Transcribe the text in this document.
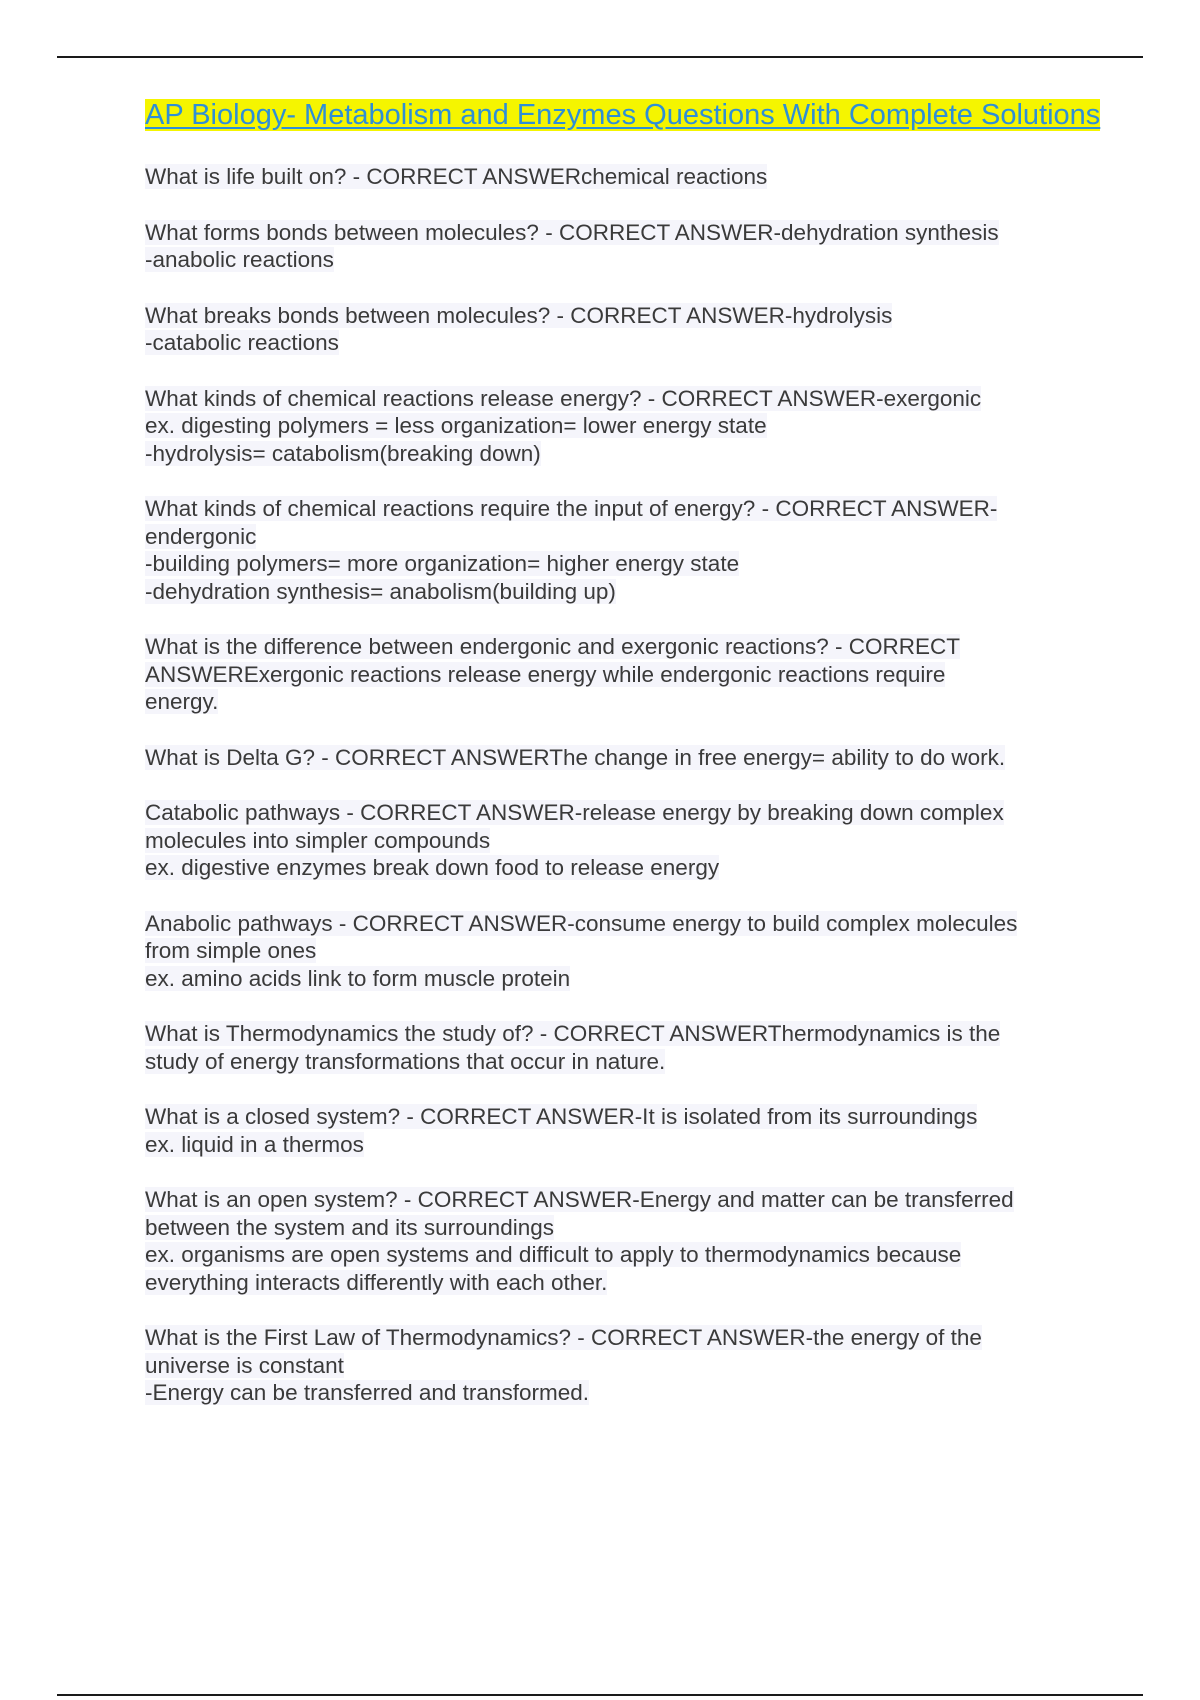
AP Biology- Metabolism and Enzymes Questions With Complete Solutions
What is life built on? - CORRECT ANSWERchemical reactions
What forms bonds between molecules? - CORRECT ANSWER-dehydration synthesis
-anabolic reactions
What breaks bonds between molecules? - CORRECT ANSWER-hydrolysis
-catabolic reactions
What kinds of chemical reactions release energy? - CORRECT ANSWER-exergonic
ex. digesting polymers = less organization= lower energy state
-hydrolysis= catabolism(breaking down)
What kinds of chemical reactions require the input of energy? - CORRECT ANSWER-
endergonic
-building polymers= more organization= higher energy state
-dehydration synthesis= anabolism(building up)
What is the difference between endergonic and exergonic reactions? - CORRECT
ANSWERExergonic reactions release energy while endergonic reactions require
energy.
What is Delta G? - CORRECT ANSWERThe change in free energy= ability to do work.
Catabolic pathways - CORRECT ANSWER-release energy by breaking down complex
molecules into simpler compounds
ex. digestive enzymes break down food to release energy
Anabolic pathways - CORRECT ANSWER-consume energy to build complex molecules
from simple ones
ex. amino acids link to form muscle protein
What is Thermodynamics the study of? - CORRECT ANSWERThermodynamics is the
study of energy transformations that occur in nature.
What is a closed system? - CORRECT ANSWER-It is isolated from its surroundings
ex. liquid in a thermos
What is an open system? - CORRECT ANSWER-Energy and matter can be transferred
between the system and its surroundings
ex. organisms are open systems and difficult to apply to thermodynamics because
everything interacts differently with each other.
What is the First Law of Thermodynamics? - CORRECT ANSWER-the energy of the
universe is constant
-Energy can be transferred and transformed.
